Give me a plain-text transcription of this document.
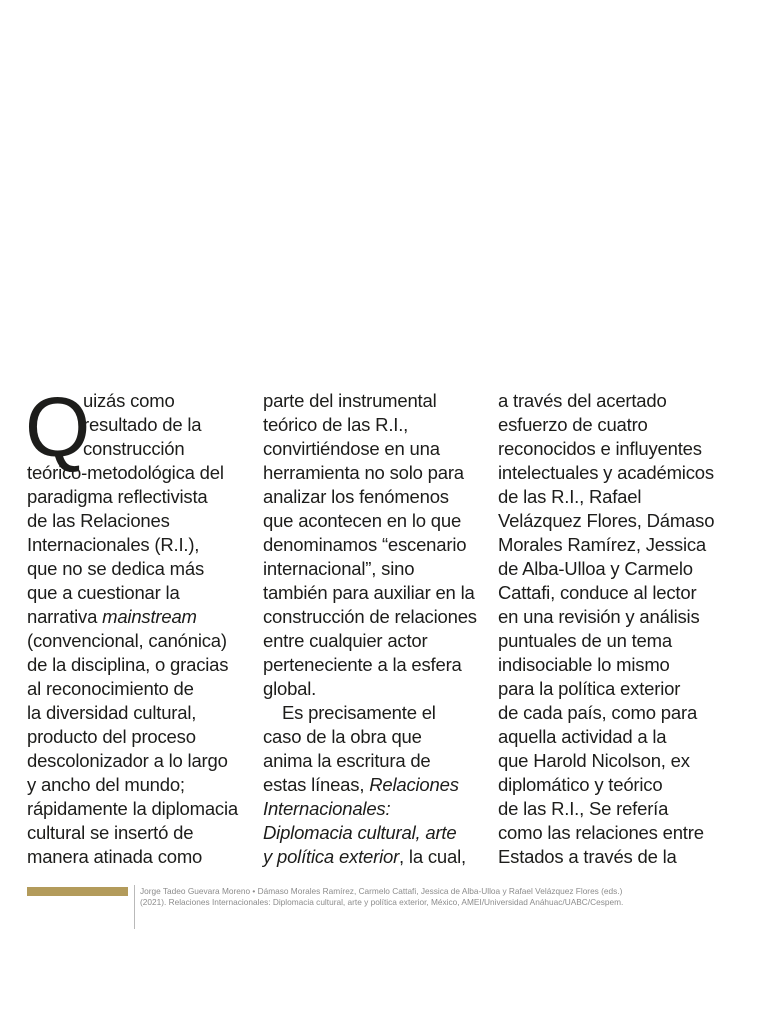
Q
uizás como
resultado de la
construcción
teórico-metodológica del
paradigma reflectivista
de las Relaciones
Internacionales (R.I.),
que no se dedica más
que a cuestionar la
narrativa mainstream
(convencional, canónica)
de la disciplina, o gracias
al reconocimiento de
la diversidad cultural,
producto del proceso
descolonizador a lo largo
y ancho del mundo;
rápidamente la diplomacia
cultural se insertó de
manera atinada como
parte del instrumental
teórico de las R.I.,
convirtiéndose en una
herramienta no solo para
analizar los fenómenos
que acontecen en lo que
denominamos “escenario
internacional”, sino
también para auxiliar en la
construcción de relaciones
entre cualquier actor
perteneciente a la esfera
global.
Es precisamente el
caso de la obra que
anima la escritura de
estas líneas, Relaciones
Internacionales:
Diplomacia cultural, arte
y política exterior, la cual,
a través del acertado
esfuerzo de cuatro
reconocidos e influyentes
intelectuales y académicos
de las R.I., Rafael
Velázquez Flores, Dámaso
Morales Ramírez, Jessica
de Alba-Ulloa y Carmelo
Cattafi, conduce al lector
en una revisión y análisis
puntuales de un tema
indisociable lo mismo
para la política exterior
de cada país, como para
aquella actividad a la
que Harold Nicolson, ex
diplomático y teórico
de las R.I., Se refería
como las relaciones entre
Estados a través de la
Jorge Tadeo Guevara Moreno • Dámaso Morales Ramírez, Carmelo Cattafi, Jessica de Alba-Ulloa y Rafael Velázquez Flores (eds.)
(2021). Relaciones Internacionales: Diplomacia cultural, arte y política exterior, México, AMEI/Universidad Anáhuac/UABC/Cespem.
